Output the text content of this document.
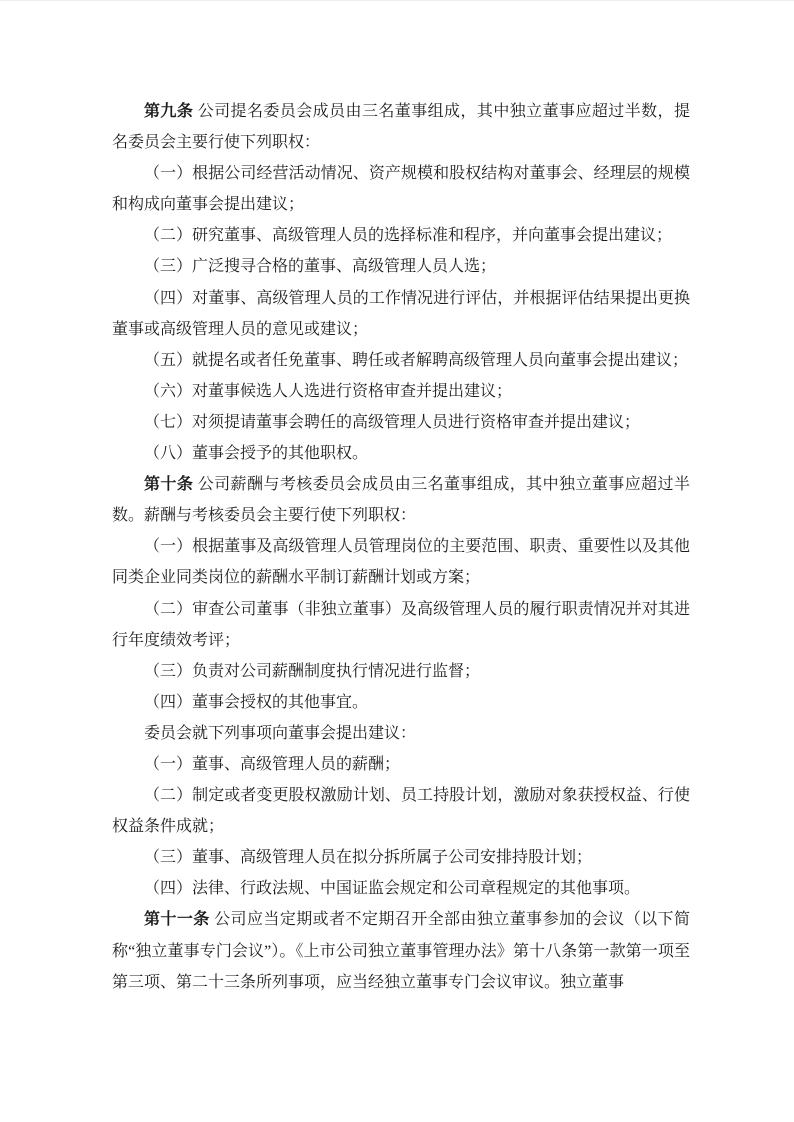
第九条 公司提名委员会成员由三名董事组成，其中独立董事应超过半数，提名委员会主要行使下列职权：

（一）根据公司经营活动情况、资产规模和股权结构对董事会、经理层的规模和构成向董事会提出建议；

（二）研究董事、高级管理人员的选择标准和程序，并向董事会提出建议；

（三）广泛搜寻合格的董事、高级管理人员人选；

（四）对董事、高级管理人员的工作情况进行评估，并根据评估结果提出更换董事或高级管理人员的意见或建议；

（五）就提名或者任免董事、聘任或者解聘高级管理人员向董事会提出建议；

（六）对董事候选人人选进行资格审查并提出建议；

（七）对须提请董事会聘任的高级管理人员进行资格审查并提出建议；

（八）董事会授予的其他职权。

第十条 公司薪酬与考核委员会成员由三名董事组成，其中独立董事应超过半数。薪酬与考核委员会主要行使下列职权：

（一）根据董事及高级管理人员管理岗位的主要范围、职责、重要性以及其他同类企业同类岗位的薪酬水平制订薪酬计划或方案；

（二）审查公司董事（非独立董事）及高级管理人员的履行职责情况并对其进行年度绩效考评；

（三）负责对公司薪酬制度执行情况进行监督；

（四）董事会授权的其他事宜。

委员会就下列事项向董事会提出建议：

（一）董事、高级管理人员的薪酬；

（二）制定或者变更股权激励计划、员工持股计划，激励对象获授权益、行使权益条件成就；

（三）董事、高级管理人员在拟分拆所属子公司安排持股计划；

（四）法律、行政法规、中国证监会规定和公司章程规定的其他事项。

第十一条 公司应当定期或者不定期召开全部由独立董事参加的会议（以下简称“独立董事专门会议”）。《上市公司独立董事管理办法》第十八条第一款第一项至第三项、第二十三条所列事项，应当经独立董事专门会议审议。独立董事
